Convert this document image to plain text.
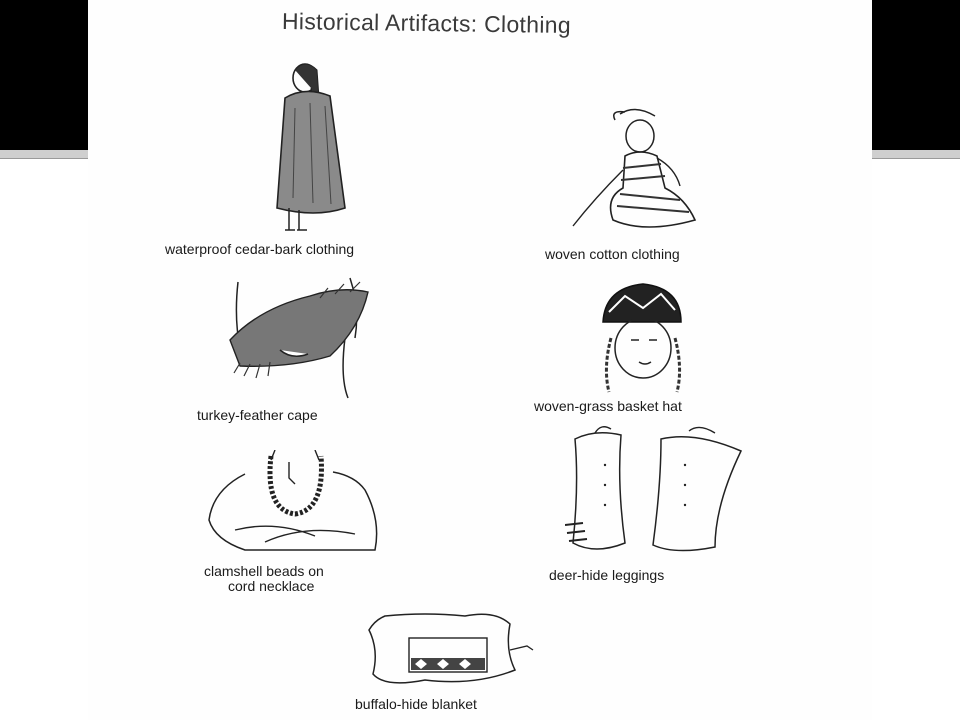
Historical Artifacts: Clothing
waterproof cedar-bark clothing	woven cotton clothing
turkey-feather cape
woven-grass basket hat
clamshell beads on
cord necklace
deer-hide leggings
buffalo-hide blanket
